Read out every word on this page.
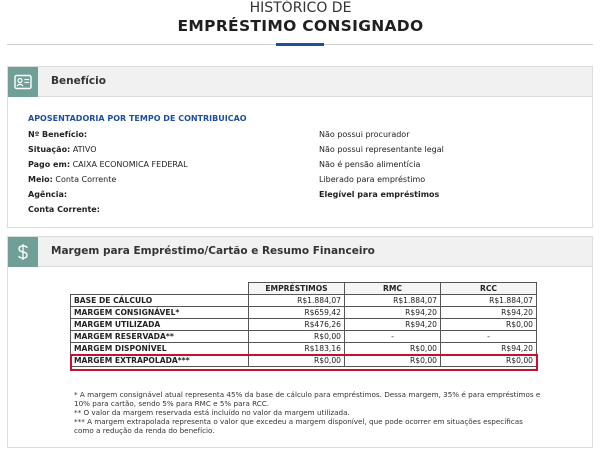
HISTÓRICO DE
EMPRÉSTIMO CONSIGNADO
Benefício
APOSENTADORIA POR TEMPO DE CONTRIBUICAO
Nº Benefício:
Situação: ATIVO
Pago em: CAIXA ECONOMICA FEDERAL
Meio: Conta Corrente
Agência:
Conta Corrente:
Não possui procurador
Não possui representante legal
Não é pensão alimentícia
Liberado para empréstimo
Elegível para empréstimos
Margem para Empréstimo/Cartão e Resumo Financeiro
	EMPRÉSTIMOS	RMC	RCC
BASE DE CÁLCULO	R$1.884,07	R$1.884,07	R$1.884,07
MARGEM CONSIGNÁVEL*	R$659,42	R$94,20	R$94,20
MARGEM UTILIZADA	R$476,26	R$94,20	R$0,00
MARGEM RESERVADA**	R$0,00	-	-
MARGEM DISPONÍVEL	R$183,16	R$0,00	R$94,20
MARGEM EXTRAPOLADA***	R$0,00	R$0,00	R$0,00
* A margem consignável atual representa 45% da base de cálculo para empréstimos. Dessa margem, 35% é para empréstimos e 10% para cartão, sendo 5% para RMC e 5% para RCC.
** O valor da margem reservada está incluído no valor da margem utilizada.
*** A margem extrapolada representa o valor que excedeu a margem disponível, que pode ocorrer em situações específicas como a redução da renda do benefício.
